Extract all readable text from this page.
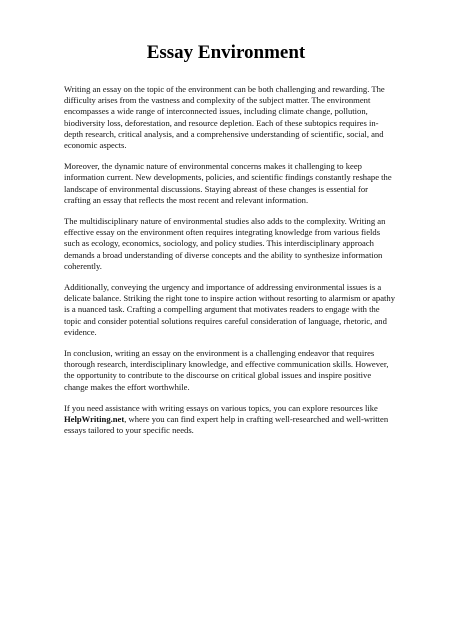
Essay Environment

Writing an essay on the topic of the environment can be both challenging and rewarding. The difficulty arises from the vastness and complexity of the subject matter. The environment encompasses a wide range of interconnected issues, including climate change, pollution, biodiversity loss, deforestation, and resource depletion. Each of these subtopics requires in-depth research, critical analysis, and a comprehensive understanding of scientific, social, and economic aspects.

Moreover, the dynamic nature of environmental concerns makes it challenging to keep information current. New developments, policies, and scientific findings constantly reshape the landscape of environmental discussions. Staying abreast of these changes is essential for crafting an essay that reflects the most recent and relevant information.

The multidisciplinary nature of environmental studies also adds to the complexity. Writing an effective essay on the environment often requires integrating knowledge from various fields such as ecology, economics, sociology, and policy studies. This interdisciplinary approach demands a broad understanding of diverse concepts and the ability to synthesize information coherently.

Additionally, conveying the urgency and importance of addressing environmental issues is a delicate balance. Striking the right tone to inspire action without resorting to alarmism or apathy is a nuanced task. Crafting a compelling argument that motivates readers to engage with the topic and consider potential solutions requires careful consideration of language, rhetoric, and evidence.

In conclusion, writing an essay on the environment is a challenging endeavor that requires thorough research, interdisciplinary knowledge, and effective communication skills. However, the opportunity to contribute to the discourse on critical global issues and inspire positive change makes the effort worthwhile.

If you need assistance with writing essays on various topics, you can explore resources like HelpWriting.net, where you can find expert help in crafting well-researched and well-written essays tailored to your specific needs.
